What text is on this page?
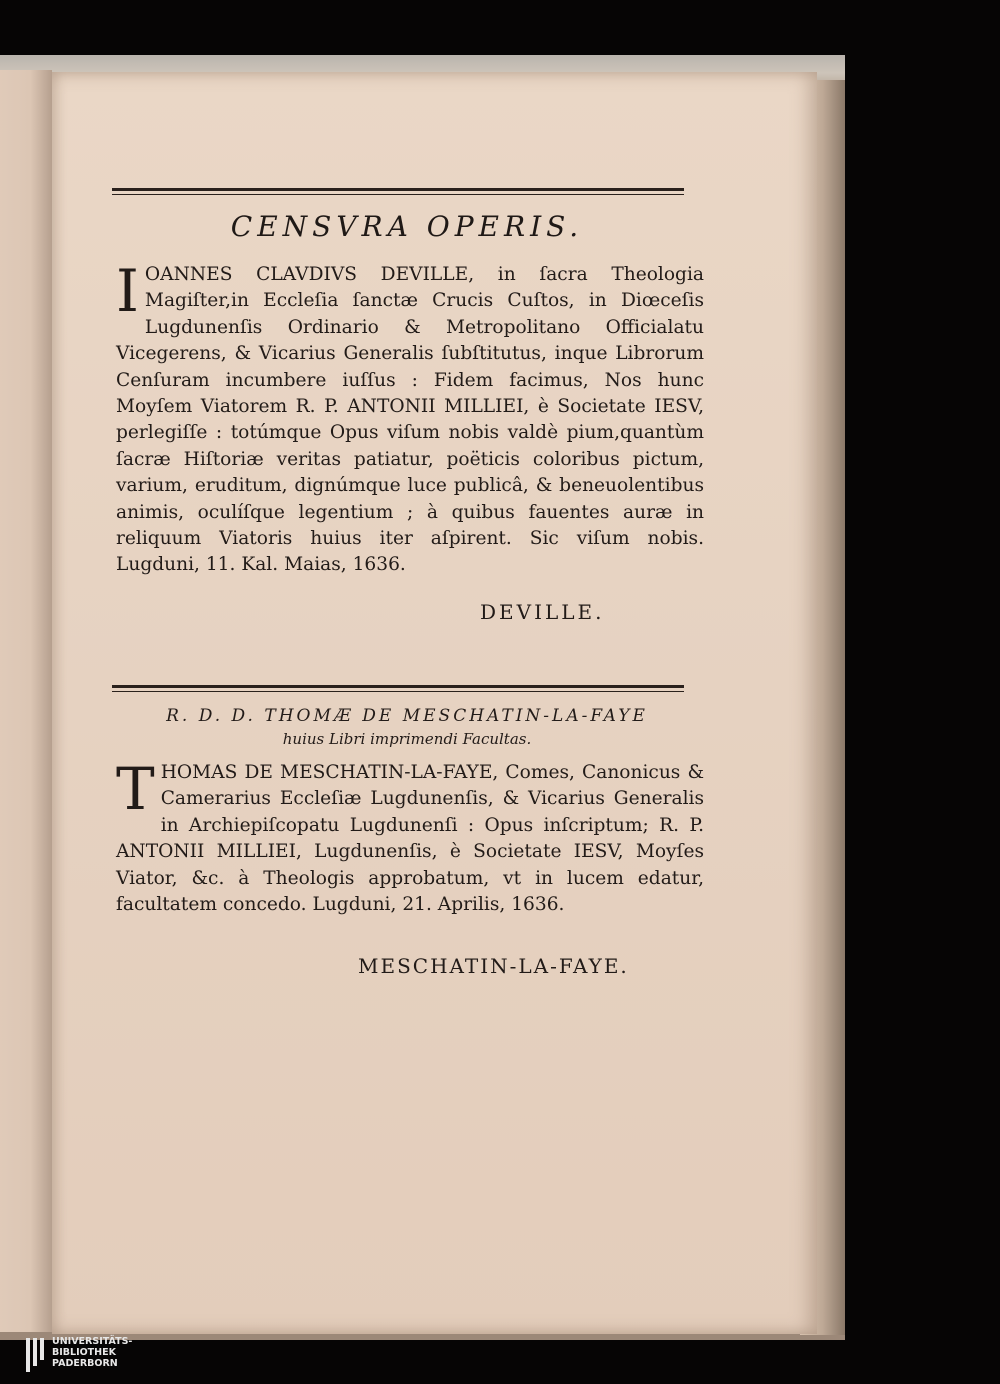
CENSVRA OPERIS.
IOANNES CLAVDIVS DEVILLE, in ſacra Theologia Magiſter,in Eccleſia ſanctæ Crucis Cuſtos, in Diœceſis Lugdunenſis Ordinario & Metropolitano Officialatu Vicegerens, & Vicarius Generalis ſubſtitutus, inque Librorum Cenſuram incumbere iuſſus : Fidem facimus, Nos hunc Moyſem Viatorem R. P. ANTONII MILLIEI, è Societate IESV, perlegiſſe : totúmque Opus viſum nobis valdè pium,quantùm ſacræ Hiſtoriæ veritas patiatur, poëticis coloribus pictum, varium, eruditum, dignúmque luce publicâ, & beneuolentibus animis, oculíſque legentium ; à quibus fauentes auræ in reliquum Viatoris huius iter aſpirent. Sic viſum nobis. Lugduni, 11. Kal. Maias, 1636.
DEVILLE.
R. D. D. THOMÆ DE MESCHATIN-LA-FAYE
huius Libri imprimendi Facultas.
THOMAS DE MESCHATIN-LA-FAYE, Comes, Canonicus & Camerarius Eccleſiæ Lugdunenſis, & Vicarius Generalis in Archiepiſcopatu Lugdunenſi : Opus inſcriptum; R. P. ANTONII MILLIEI, Lugdunenſis, è Societate IESV, Moyſes Viator, &c. à Theologis approbatum, vt in lucem edatur, facultatem concedo. Lugduni, 21. Aprilis, 1636.
MESCHATIN-LA-FAYE.
UNIVERSITÄTS-
BIBLIOTHEK
PADERBORN
